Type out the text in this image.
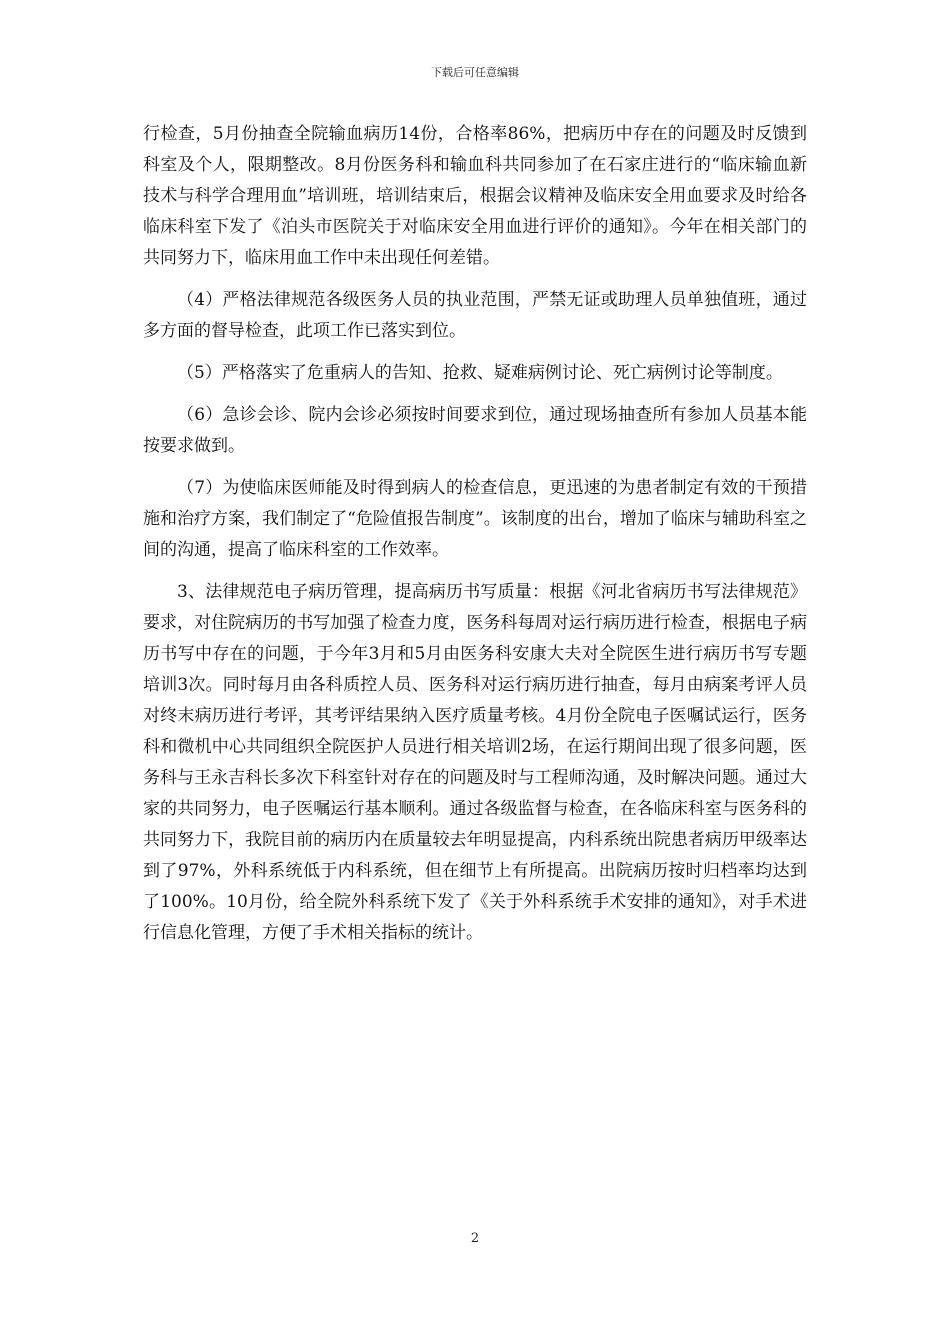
下载后可任意编辑

行检查，5月份抽查全院输血病历14份，合格率86%，把病历中存在的问题及时反馈到科室及个人，限期整改。8月份医务科和输血科共同参加了在石家庄进行的“临床输血新技术与科学合理用血”培训班，培训结束后，根据会议精神及临床安全用血要求及时给各临床科室下发了《泊头市医院关于对临床安全用血进行评价的通知》。今年在相关部门的共同努力下，临床用血工作中未出现任何差错。

（4）严格法律规范各级医务人员的执业范围，严禁无证或助理人员单独值班，通过多方面的督导检查，此项工作已落实到位。

（5）严格落实了危重病人的告知、抢救、疑难病例讨论、死亡病例讨论等制度。

（6）急诊会诊、院内会诊必须按时间要求到位，通过现场抽查所有参加人员基本能按要求做到。

（7）为使临床医师能及时得到病人的检查信息，更迅速的为患者制定有效的干预措施和治疗方案，我们制定了“危险值报告制度”。该制度的出台，增加了临床与辅助科室之间的沟通，提高了临床科室的工作效率。

3、法律规范电子病历管理，提高病历书写质量：根据《河北省病历书写法律规范》要求，对住院病历的书写加强了检查力度，医务科每周对运行病历进行检查，根据电子病历书写中存在的问题，于今年3月和5月由医务科安康大夫对全院医生进行病历书写专题培训3次。同时每月由各科质控人员、医务科对运行病历进行抽查，每月由病案考评人员对终末病历进行考评，其考评结果纳入医疗质量考核。4月份全院电子医嘱试运行，医务科和微机中心共同组织全院医护人员进行相关培训2场，在运行期间出现了很多问题，医务科与王永吉科长多次下科室针对存在的问题及时与工程师沟通，及时解决问题。通过大家的共同努力，电子医嘱运行基本顺利。通过各级监督与检查，在各临床科室与医务科的共同努力下，我院目前的病历内在质量较去年明显提高，内科系统出院患者病历甲级率达到了97%，外科系统低于内科系统，但在细节上有所提高。出院病历按时归档率均达到了100%。10月份，给全院外科系统下发了《关于外科系统手术安排的通知》，对手术进行信息化管理，方便了手术相关指标的统计。

2
